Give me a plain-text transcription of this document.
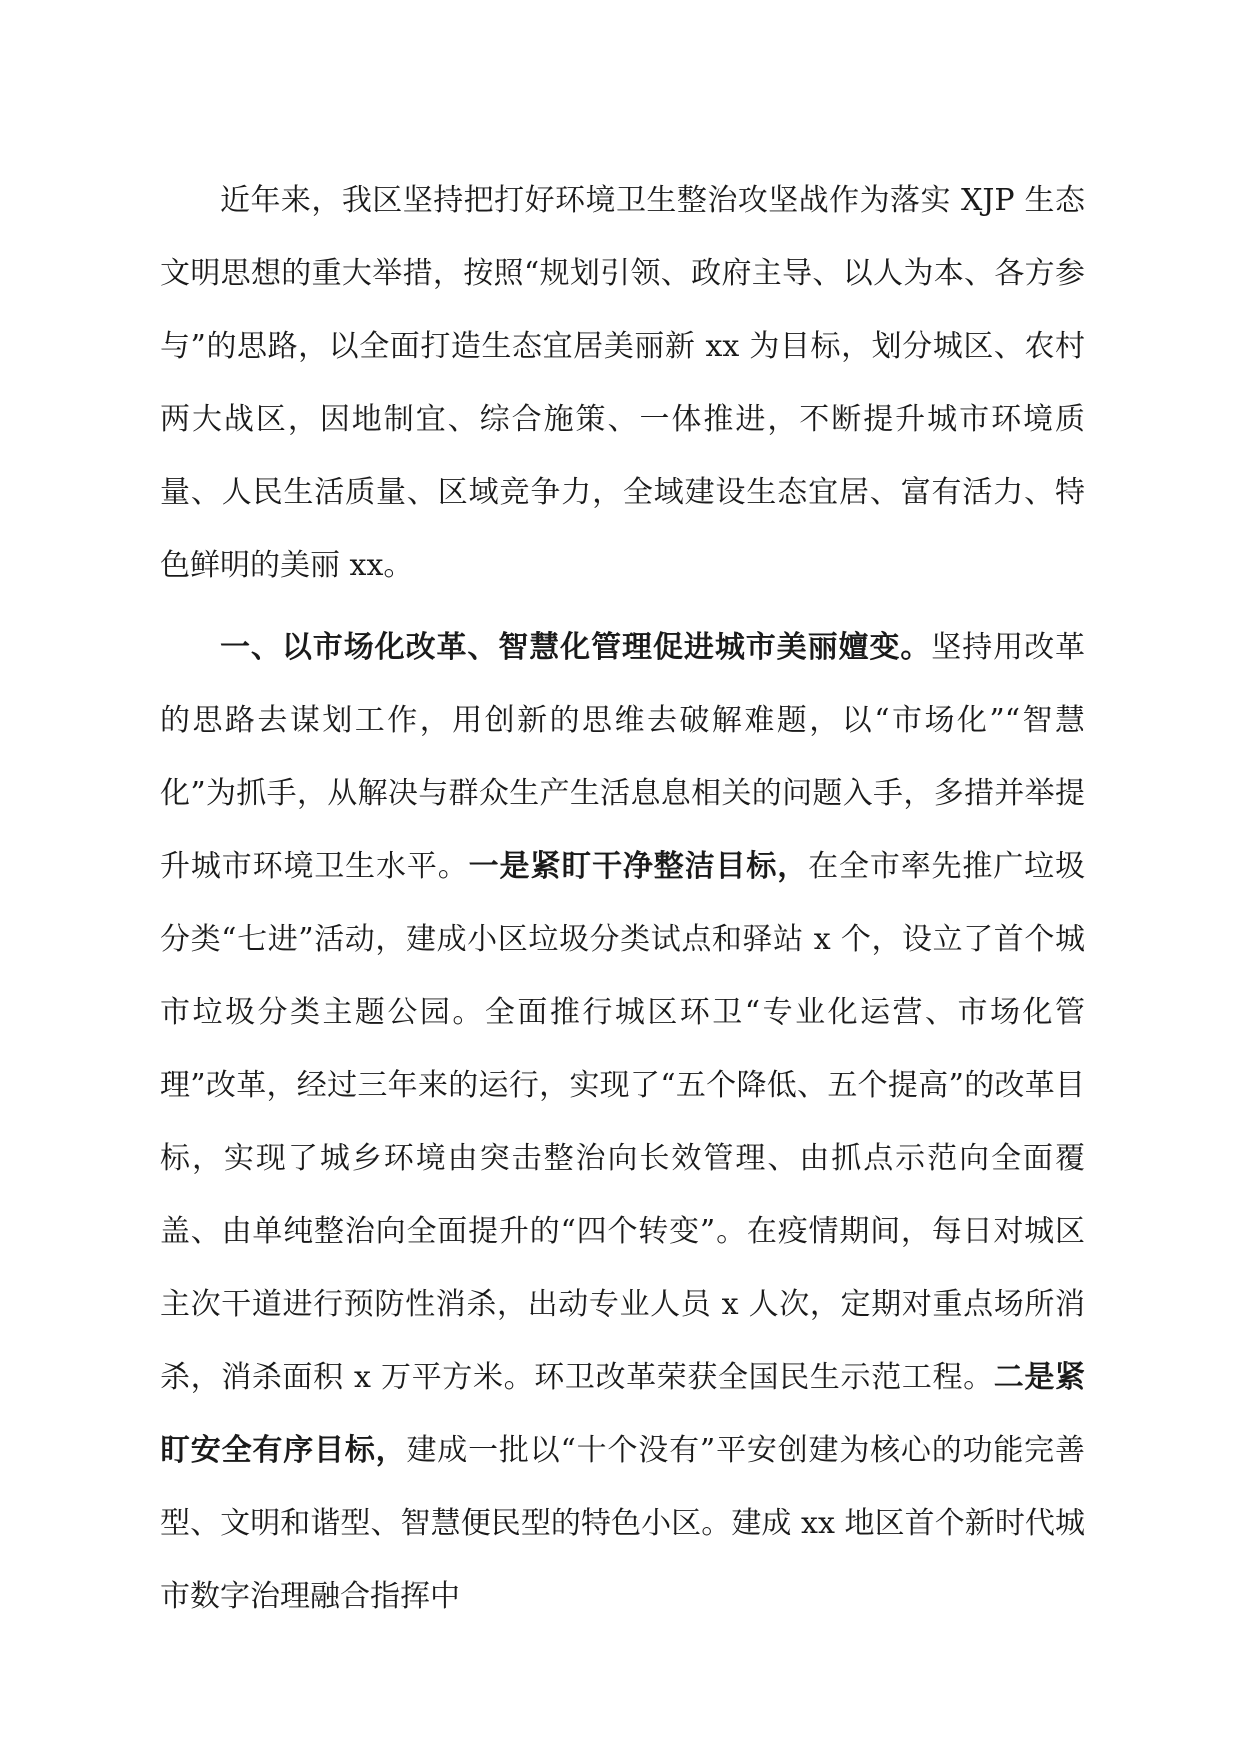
近年来，我区坚持把打好环境卫生整治攻坚战作为落实 XJP 生态文明思想的重大举措，按照“规划引领、政府主导、以人为本、各方参与”的思路，以全面打造生态宜居美丽新 xx 为目标，划分城区、农村两大战区，因地制宜、综合施策、一体推进，不断提升城市环境质量、人民生活质量、区域竞争力，全域建设生态宜居、富有活力、特色鲜明的美丽 xx。

一、以市场化改革、智慧化管理促进城市美丽嬗变。坚持用改革的思路去谋划工作，用创新的思维去破解难题，以“市场化”“智慧化”为抓手，从解决与群众生产生活息息相关的问题入手，多措并举提升城市环境卫生水平。一是紧盯干净整洁目标，在全市率先推广垃圾分类“七进”活动，建成小区垃圾分类试点和驿站 x 个，设立了首个城市垃圾分类主题公园。全面推行城区环卫“专业化运营、市场化管理”改革，经过三年来的运行，实现了“五个降低、五个提高”的改革目标，实现了城乡环境由突击整治向长效管理、由抓点示范向全面覆盖、由单纯整治向全面提升的“四个转变”。在疫情期间，每日对城区主次干道进行预防性消杀，出动专业人员 x 人次，定期对重点场所消杀，消杀面积 x 万平方米。环卫改革荣获全国民生示范工程。二是紧盯安全有序目标，建成一批以“十个没有”平安创建为核心的功能完善型、文明和谐型、智慧便民型的特色小区。建成 xx 地区首个新时代城市数字治理融合指挥中
